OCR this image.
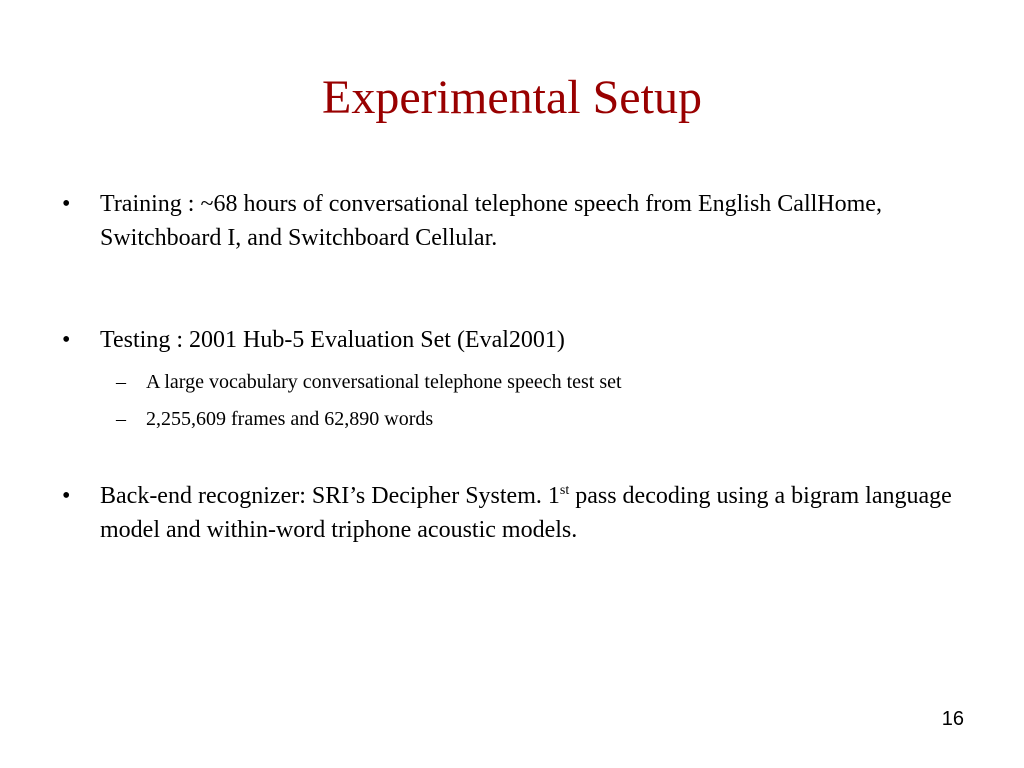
Experimental Setup
• Training : ~68 hours of conversational telephone speech from English CallHome, Switchboard I, and Switchboard Cellular.
• Testing : 2001 Hub-5 Evaluation Set (Eval2001)
– A large vocabulary conversational telephone speech test set
– 2,255,609 frames and 62,890 words
• Back-end recognizer: SRI’s Decipher System. 1st pass decoding using a bigram language model and within-word triphone acoustic models.
16
